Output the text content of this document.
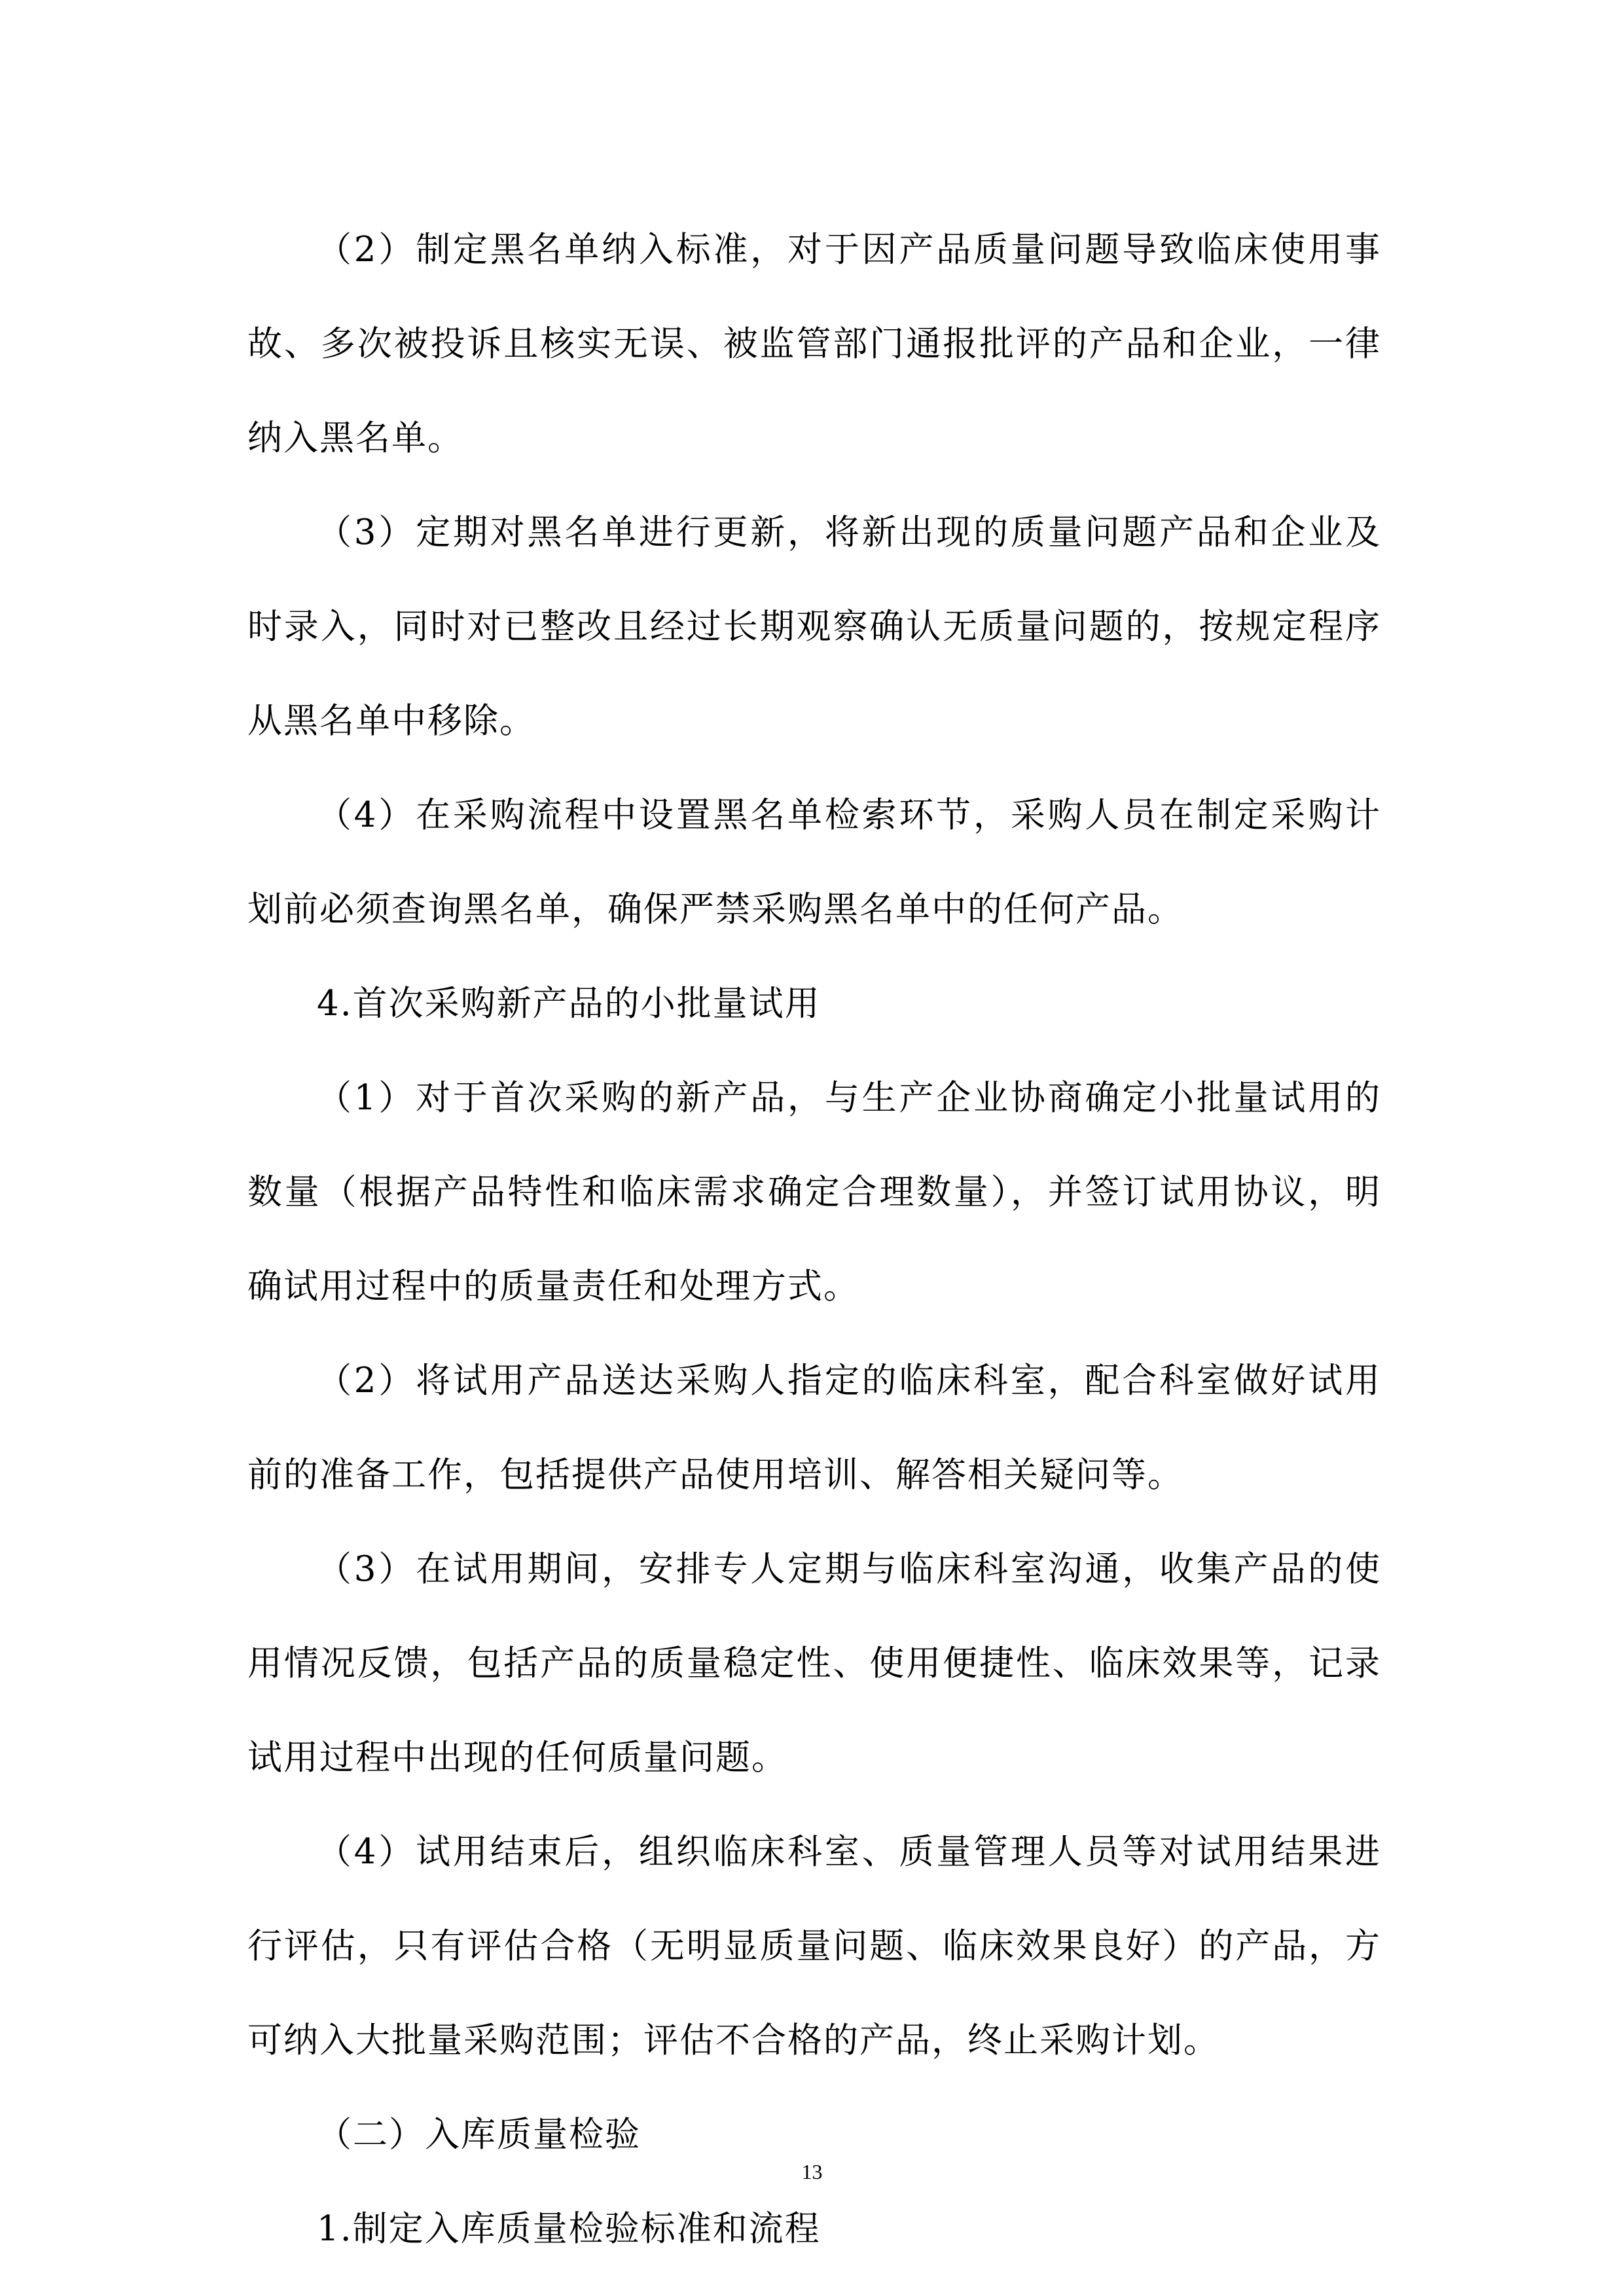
（2）制定黑名单纳入标准，对于因产品质量问题导致临床使用事故、多次被投诉且核实无误、被监管部门通报批评的产品和企业，一律纳入黑名单。

（3）定期对黑名单进行更新，将新出现的质量问题产品和企业及时录入，同时对已整改且经过长期观察确认无质量问题的，按规定程序从黑名单中移除。

（4）在采购流程中设置黑名单检索环节，采购人员在制定采购计划前必须查询黑名单，确保严禁采购黑名单中的任何产品。

4.首次采购新产品的小批量试用

（1）对于首次采购的新产品，与生产企业协商确定小批量试用的数量（根据产品特性和临床需求确定合理数量），并签订试用协议，明确试用过程中的质量责任和处理方式。

（2）将试用产品送达采购人指定的临床科室，配合科室做好试用前的准备工作，包括提供产品使用培训、解答相关疑问等。

（3）在试用期间，安排专人定期与临床科室沟通，收集产品的使用情况反馈，包括产品的质量稳定性、使用便捷性、临床效果等，记录试用过程中出现的任何质量问题。

（4）试用结束后，组织临床科室、质量管理人员等对试用结果进行评估，只有评估合格（无明显质量问题、临床效果良好）的产品，方可纳入大批量采购范围；评估不合格的产品，终止采购计划。

（二）入库质量检验

1.制定入库质量检验标准和流程

13
